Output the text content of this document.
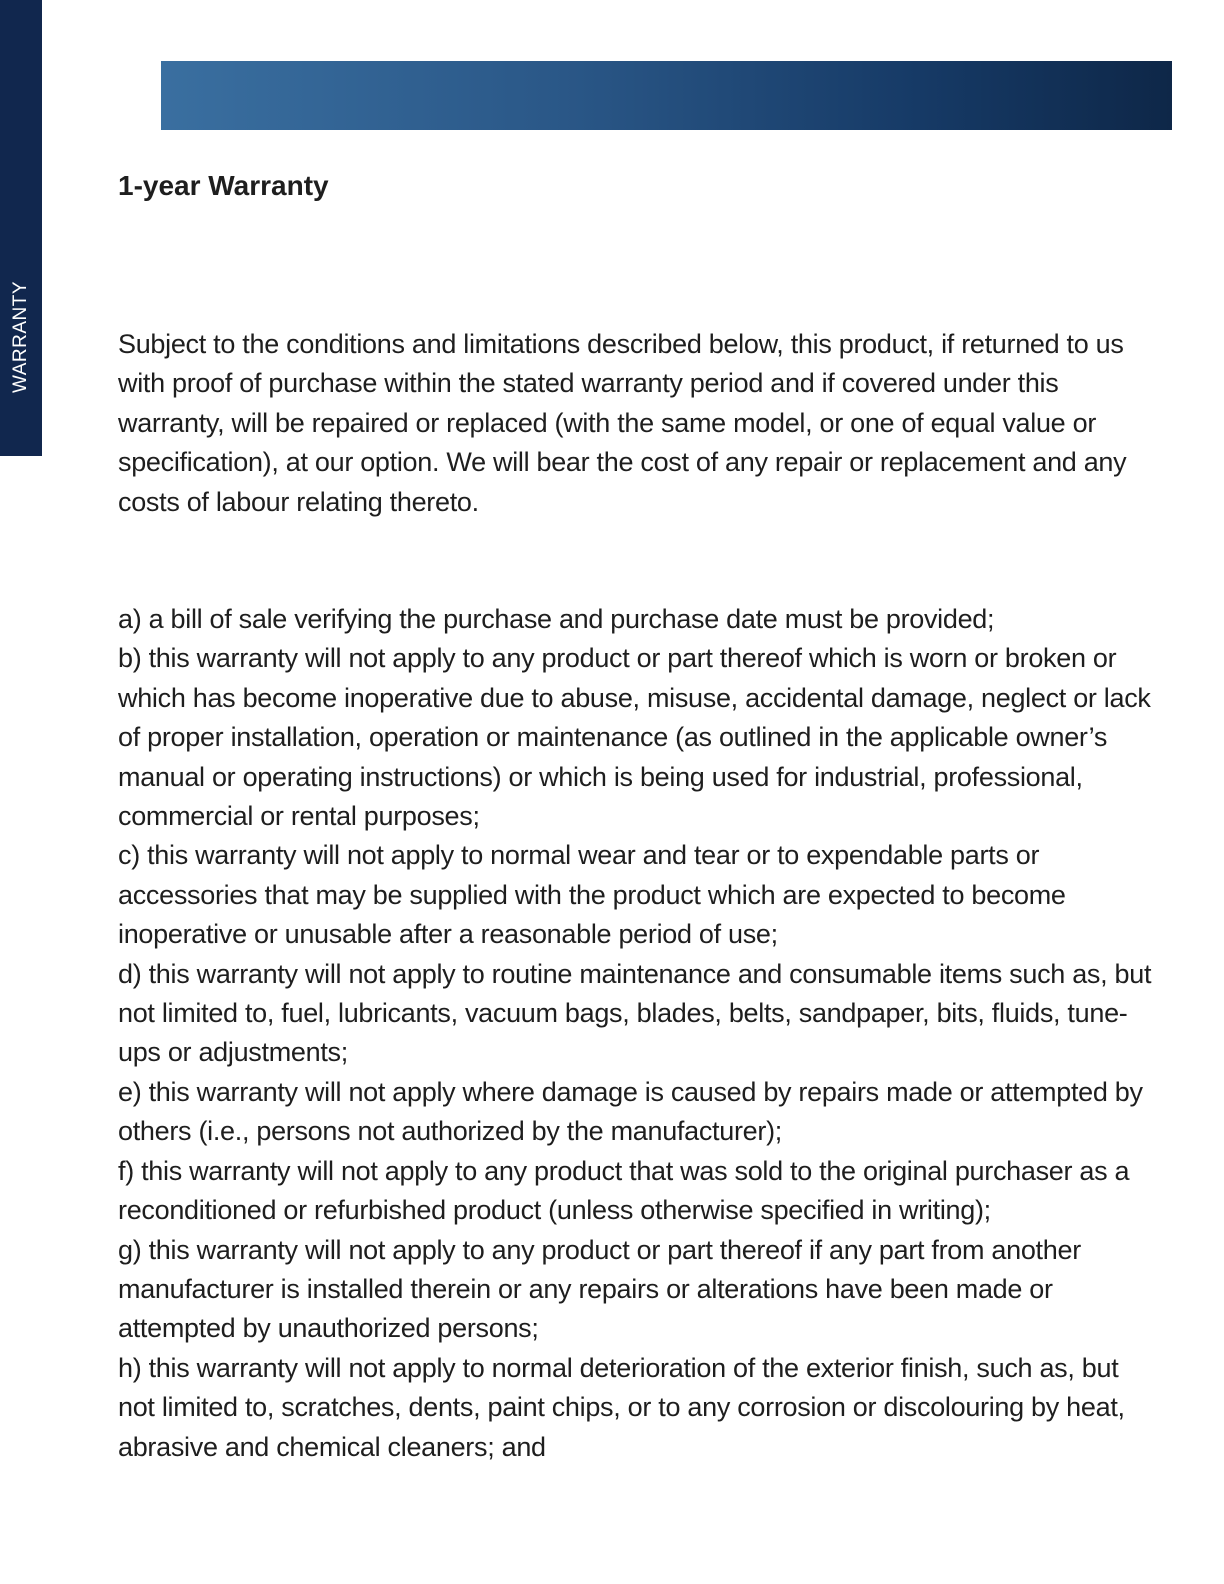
WARRANTY
1-year Warranty

Subject to the conditions and limitations described below, this product, if returned to us with proof of purchase within the stated warranty period and if covered under this warranty, will be repaired or replaced (with the same model, or one of equal value or specification), at our option. We will bear the cost of any repair or replacement and any costs of labour relating thereto.

a) a bill of sale verifying the purchase and purchase date must be provided;
b) this warranty will not apply to any product or part thereof which is worn or broken or which has become inoperative due to abuse, misuse, accidental damage, neglect or lack of proper installation, operation or maintenance (as outlined in the applicable owner’s manual or operating instructions) or which is being used for industrial, professional, commercial or rental purposes;
c) this warranty will not apply to normal wear and tear or to expendable parts or accessories that may be supplied with the product which are expected to become inoperative or unusable after a reasonable period of use;
d) this warranty will not apply to routine maintenance and consumable items such as, but not limited to, fuel, lubricants, vacuum bags, blades, belts, sandpaper, bits, fluids, tune-ups or adjustments;
e) this warranty will not apply where damage is caused by repairs made or attempted by others (i.e., persons not authorized by the manufacturer);
f) this warranty will not apply to any product that was sold to the original purchaser as a reconditioned or refurbished product (unless otherwise specified in writing);
g) this warranty will not apply to any product or part thereof if any part from another manufacturer is installed therein or any repairs or alterations have been made or attempted by unauthorized persons;
h) this warranty will not apply to normal deterioration of the exterior finish, such as, but not limited to, scratches, dents, paint chips, or to any corrosion or discolouring by heat, abrasive and chemical cleaners; and
